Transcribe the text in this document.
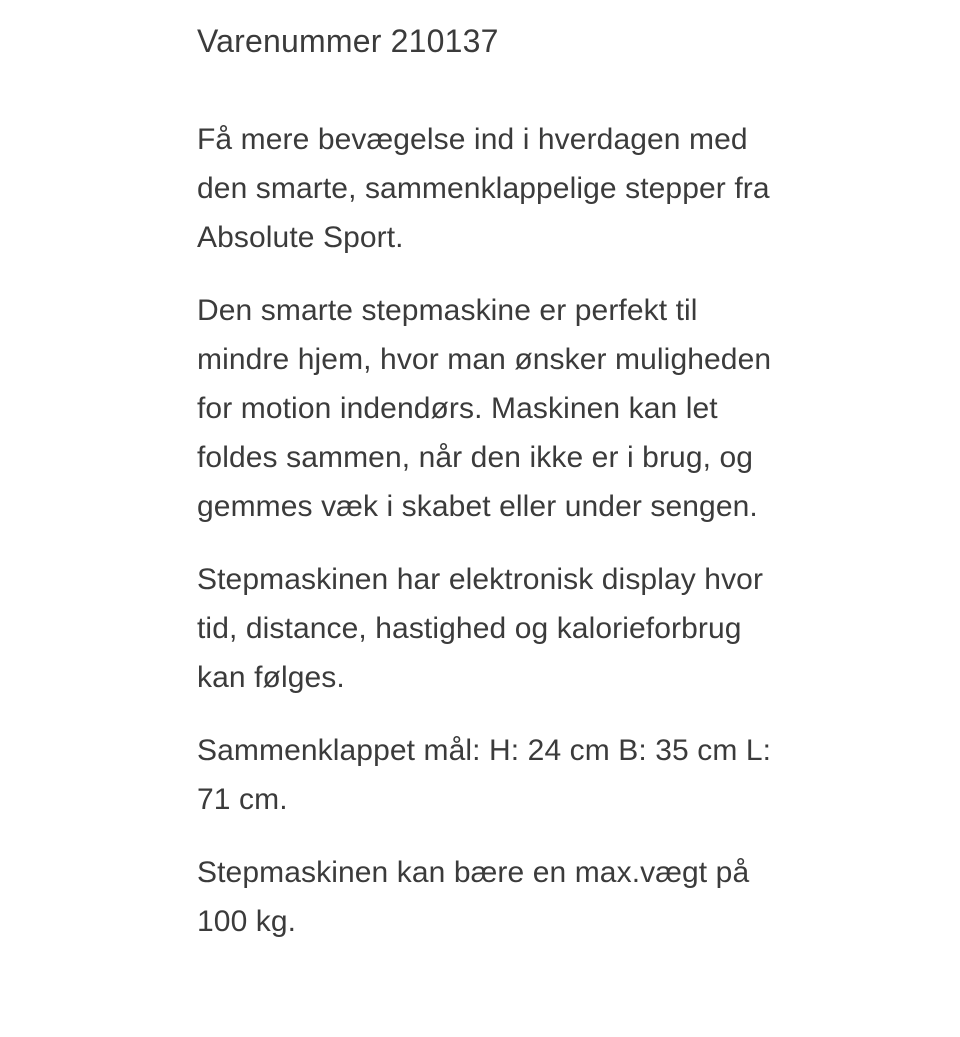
Varenummer 210137

Få mere bevægelse ind i hverdagen med den smarte, sammenklappelige stepper fra Absolute Sport.

Den smarte stepmaskine er perfekt til mindre hjem, hvor man ønsker muligheden for motion indendørs. Maskinen kan let foldes sammen, når den ikke er i brug, og gemmes væk i skabet eller under sengen.

Stepmaskinen har elektronisk display hvor tid, distance, hastighed og kalorieforbrug kan følges.

Sammenklappet mål: H: 24 cm B: 35 cm L: 71 cm.

Stepmaskinen kan bære en max.vægt på 100 kg.
